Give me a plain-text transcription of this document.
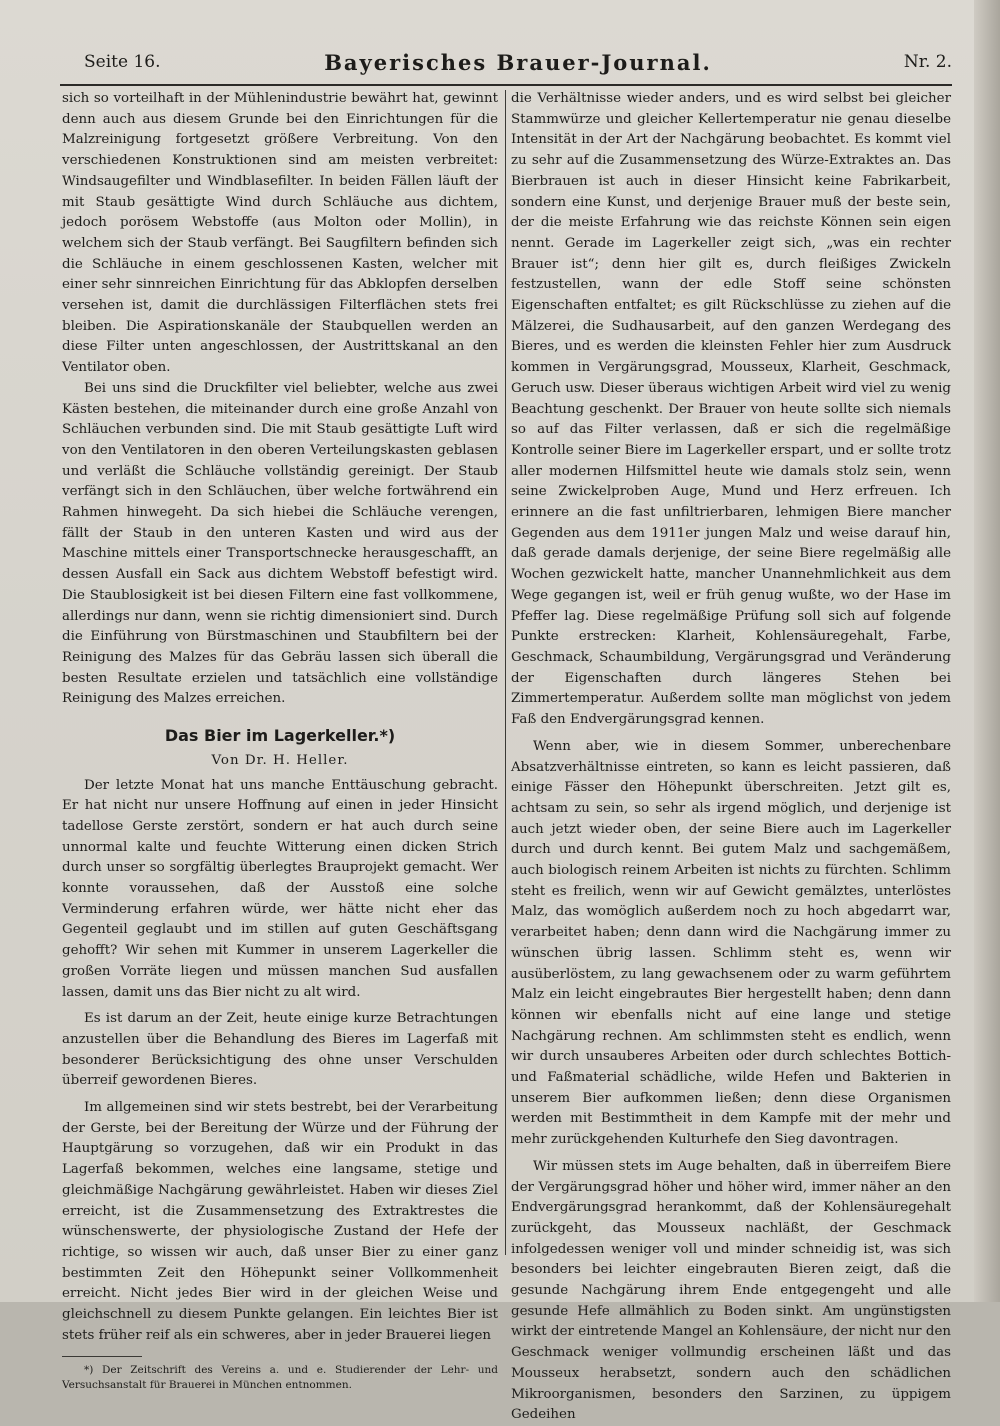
Seite 16.	Bayerisches Brauer-Journal.	Nr. 2.

sich so vorteilhaft in der Mühlenindustrie bewährt hat, gewinnt denn auch aus diesem Grunde bei den Einrichtungen für die Malzreinigung fortgesetzt größere Verbreitung. Von den verschiedenen Konstruktionen sind am meisten verbreitet: Windsaugefilter und Windblasefilter. In beiden Fällen läuft der mit Staub gesättigte Wind durch Schläuche aus dichtem, jedoch porösem Webstoffe (aus Molton oder Mollin), in welchem sich der Staub verfängt. Bei Saugfiltern befinden sich die Schläuche in einem geschlossenen Kasten, welcher mit einer sehr sinnreichen Einrichtung für das Abklopfen derselben versehen ist, damit die durchlässigen Filterflächen stets frei bleiben. Die Aspirationskanäle der Staubquellen werden an diese Filter unten angeschlossen, der Austrittskanal an den Ventilator oben.

Bei uns sind die Druckfilter viel beliebter, welche aus zwei Kästen bestehen, die miteinander durch eine große Anzahl von Schläuchen verbunden sind. Die mit Staub gesättigte Luft wird von den Ventilatoren in den oberen Verteilungskasten geblasen und verläßt die Schläuche vollständig gereinigt. Der Staub verfängt sich in den Schläuchen, über welche fortwährend ein Rahmen hinwegeht. Da sich hiebei die Schläuche verengen, fällt der Staub in den unteren Kasten und wird aus der Maschine mittels einer Transportschnecke herausgeschafft, an dessen Ausfall ein Sack aus dichtem Webstoff befestigt wird. Die Staublosigkeit ist bei diesen Filtern eine fast vollkommene, allerdings nur dann, wenn sie richtig dimensioniert sind. Durch die Einführung von Bürstmaschinen und Staubfiltern bei der Reinigung des Malzes für das Gebräu lassen sich überall die besten Resultate erzielen und tatsächlich eine vollständige Reinigung des Malzes erreichen.

Das Bier im Lagerkeller.*)
Von Dr. H. Heller.

Der letzte Monat hat uns manche Enttäuschung gebracht. Er hat nicht nur unsere Hoffnung auf einen in jeder Hinsicht tadellose Gerste zerstört, sondern er hat auch durch seine unnormal kalte und feuchte Witterung einen dicken Strich durch unser so sorgfältig überlegtes Brauprojekt gemacht. Wer konnte voraussehen, daß der Ausstoß eine solche Verminderung erfahren würde, wer hätte nicht eher das Gegenteil geglaubt und im stillen auf guten Geschäftsgang gehofft? Wir sehen mit Kummer in unserem Lagerkeller die großen Vorräte liegen und müssen manchen Sud ausfallen lassen, damit uns das Bier nicht zu alt wird.

Es ist darum an der Zeit, heute einige kurze Betrachtungen anzustellen über die Behandlung des Bieres im Lagerfaß mit besonderer Berücksichtigung des ohne unser Verschulden überreif gewordenen Bieres.

Im allgemeinen sind wir stets bestrebt, bei der Verarbeitung der Gerste, bei der Bereitung der Würze und der Führung der Hauptgärung so vorzugehen, daß wir ein Produkt in das Lagerfaß bekommen, welches eine langsame, stetige und gleichmäßige Nachgärung gewährleistet. Haben wir dieses Ziel erreicht, ist die Zusammensetzung des Extraktrestes die wünschenswerte, der physiologische Zustand der Hefe der richtige, so wissen wir auch, daß unser Bier zu einer ganz bestimmten Zeit den Höhepunkt seiner Vollkommenheit erreicht. Nicht jedes Bier wird in der gleichen Weise und gleichschnell zu diesem Punkte gelangen. Ein leichtes Bier ist stets früher reif als ein schweres, aber in jeder Brauerei liegen

*) Der Zeitschrift des Vereins a. und e. Studierender der Lehr- und Versuchsanstalt für Brauerei in München entnommen.

die Verhältnisse wieder anders, und es wird selbst bei gleicher Stammwürze und gleicher Kellertemperatur nie genau dieselbe Intensität in der Art der Nachgärung beobachtet. Es kommt viel zu sehr auf die Zusammensetzung des Würze-Extraktes an. Das Bierbrauen ist auch in dieser Hinsicht keine Fabrikarbeit, sondern eine Kunst, und derjenige Brauer muß der beste sein, der die meiste Erfahrung wie das reichste Können sein eigen nennt. Gerade im Lagerkeller zeigt sich, „was ein rechter Brauer ist“; denn hier gilt es, durch fleißiges Zwickeln festzustellen, wann der edle Stoff seine schönsten Eigenschaften entfaltet; es gilt Rückschlüsse zu ziehen auf die Mälzerei, die Sudhausarbeit, auf den ganzen Werdegang des Bieres, und es werden die kleinsten Fehler hier zum Ausdruck kommen in Vergärungsgrad, Mousseux, Klarheit, Geschmack, Geruch usw. Dieser überaus wichtigen Arbeit wird viel zu wenig Beachtung geschenkt. Der Brauer von heute sollte sich niemals so auf das Filter verlassen, daß er sich die regelmäßige Kontrolle seiner Biere im Lagerkeller erspart, und er sollte trotz aller modernen Hilfsmittel heute wie damals stolz sein, wenn seine Zwickelproben Auge, Mund und Herz erfreuen. Ich erinnere an die fast unfiltrierbaren, lehmigen Biere mancher Gegenden aus dem 1911er jungen Malz und weise darauf hin, daß gerade damals derjenige, der seine Biere regelmäßig alle Wochen gezwickelt hatte, mancher Unannehmlichkeit aus dem Wege gegangen ist, weil er früh genug wußte, wo der Hase im Pfeffer lag. Diese regelmäßige Prüfung soll sich auf folgende Punkte erstrecken: Klarheit, Kohlensäuregehalt, Farbe, Geschmack, Schaumbildung, Vergärungsgrad und Veränderung der Eigenschaften durch längeres Stehen bei Zimmertemperatur. Außerdem sollte man möglichst von jedem Faß den Endvergärungsgrad kennen.

Wenn aber, wie in diesem Sommer, unberechenbare Absatzverhältnisse eintreten, so kann es leicht passieren, daß einige Fässer den Höhepunkt überschreiten. Jetzt gilt es, achtsam zu sein, so sehr als irgend möglich, und derjenige ist auch jetzt wieder oben, der seine Biere auch im Lagerkeller durch und durch kennt. Bei gutem Malz und sachgemäßem, auch biologisch reinem Arbeiten ist nichts zu fürchten. Schlimm steht es freilich, wenn wir auf Gewicht gemälztes, unterlöstes Malz, das womöglich außerdem noch zu hoch abgedarrt war, verarbeitet haben; denn dann wird die Nachgärung immer zu wünschen übrig lassen. Schlimm steht es, wenn wir ausüberlöstem, zu lang gewachsenem oder zu warm geführtem Malz ein leicht eingebrautes Bier hergestellt haben; denn dann können wir ebenfalls nicht auf eine lange und stetige Nachgärung rechnen. Am schlimmsten steht es endlich, wenn wir durch unsauberes Arbeiten oder durch schlechtes Bottich- und Faßmaterial schädliche, wilde Hefen und Bakterien in unserem Bier aufkommen ließen; denn diese Organismen werden mit Bestimmtheit in dem Kampfe mit der mehr und mehr zurückgehenden Kulturhefe den Sieg davontragen.

Wir müssen stets im Auge behalten, daß in überreifem Biere der Vergärungsgrad höher und höher wird, immer näher an den Endvergärungsgrad herankommt, daß der Kohlensäuregehalt zurückgeht, das Mousseux nachläßt, der Geschmack infolgedessen weniger voll und minder schneidig ist, was sich besonders bei leichter eingebrauten Bieren zeigt, daß die gesunde Nachgärung ihrem Ende entgegengeht und alle gesunde Hefe allmählich zu Boden sinkt. Am ungünstigsten wirkt der eintretende Mangel an Kohlensäure, der nicht nur den Geschmack weniger vollmundig erscheinen läßt und das Mousseux herabsetzt, sondern auch den schädlichen Mikroorganismen, besonders den Sarzinen, zu üppigem Gedeihen
